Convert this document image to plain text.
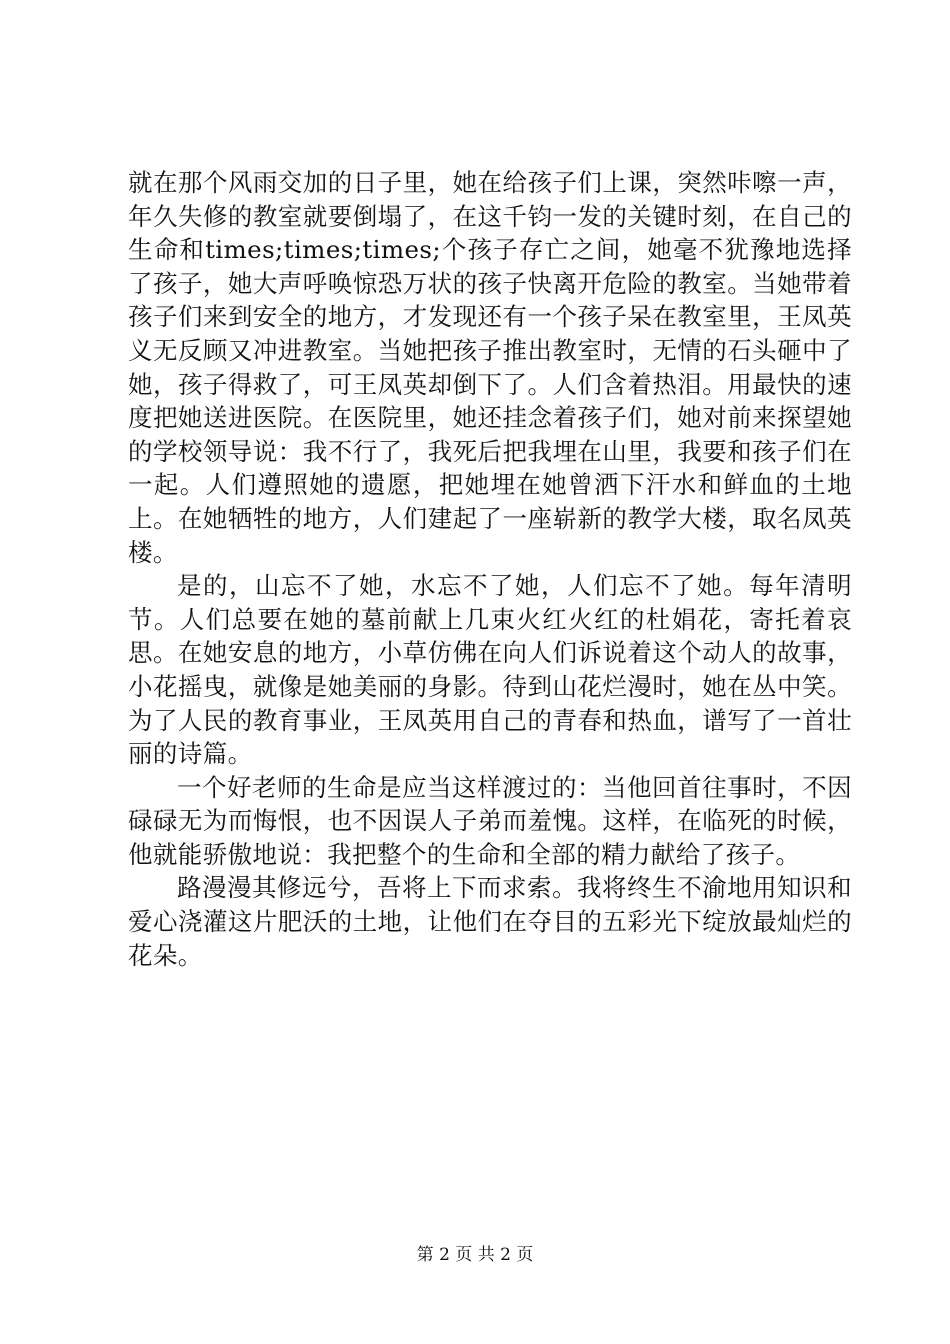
就在那个风雨交加的日子里，她在给孩子们上课，突然咔嚓一声，年久失修的教室就要倒塌了，在这千钧一发的关键时刻，在自己的生命和times;times;times;个孩子存亡之间，她毫不犹豫地选择了孩子，她大声呼唤惊恐万状的孩子快离开危险的教室。当她带着孩子们来到安全的地方，才发现还有一个孩子呆在教室里，王凤英义无反顾又冲进教室。当她把孩子推出教室时，无情的石头砸中了她，孩子得救了，可王凤英却倒下了。人们含着热泪。用最快的速度把她送进医院。在医院里，她还挂念着孩子们，她对前来探望她的学校领导说：我不行了，我死后把我埋在山里，我要和孩子们在一起。人们遵照她的遗愿，把她埋在她曾洒下汗水和鲜血的土地上。在她牺牲的地方，人们建起了一座崭新的教学大楼，取名凤英楼。

是的，山忘不了她，水忘不了她，人们忘不了她。每年清明节。人们总要在她的墓前献上几束火红火红的杜娟花，寄托着哀思。在她安息的地方，小草仿佛在向人们诉说着这个动人的故事，小花摇曳，就像是她美丽的身影。待到山花烂漫时，她在丛中笑。为了人民的教育事业，王凤英用自己的青春和热血，谱写了一首壮丽的诗篇。

一个好老师的生命是应当这样渡过的：当他回首往事时，不因碌碌无为而悔恨，也不因误人子弟而羞愧。这样，在临死的时候，他就能骄傲地说：我把整个的生命和全部的精力献给了孩子。

路漫漫其修远兮，吾将上下而求索。我将终生不渝地用知识和爱心浇灌这片肥沃的土地，让他们在夺目的五彩光下绽放最灿烂的花朵。

第 2 页 共 2 页
